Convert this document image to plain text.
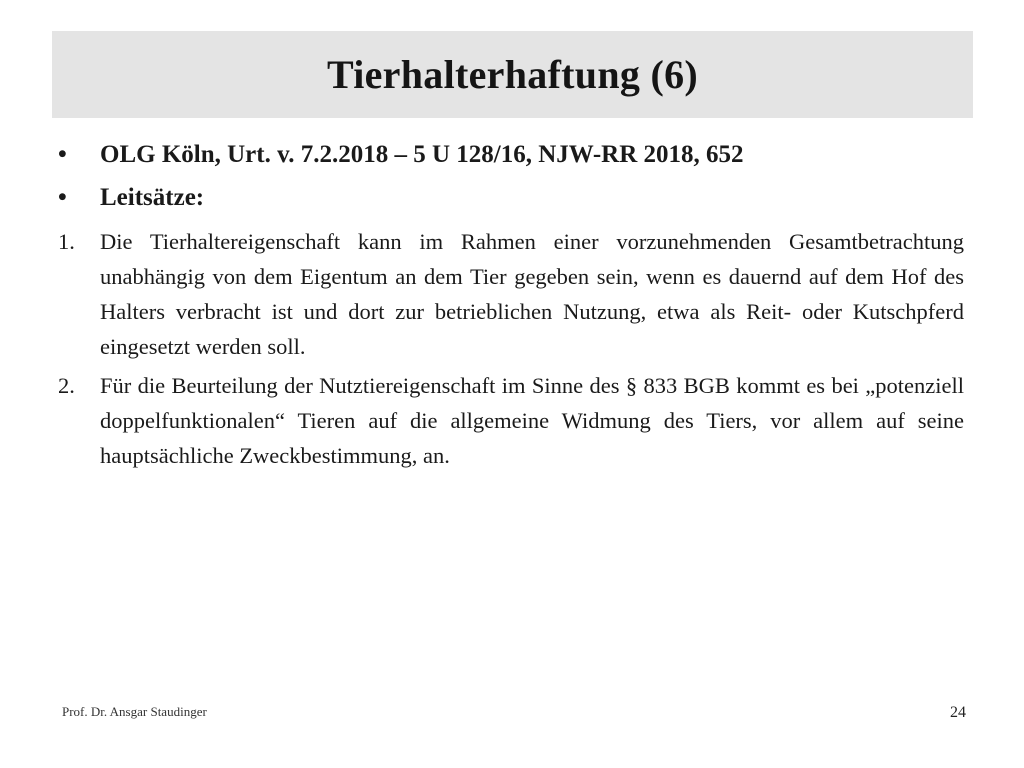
Tierhalterhaftung (6)
• OLG Köln, Urt. v. 7.2.2018 – 5 U 128/16, NJW-RR 2018, 652
• Leitsätze:
1. Die Tierhaltereigenschaft kann im Rahmen einer vorzunehmenden Gesamtbetrachtung unabhängig von dem Eigentum an dem Tier gegeben sein, wenn es dauernd auf dem Hof des Halters verbracht ist und dort zur betrieblichen Nutzung, etwa als Reit- oder Kutschpferd eingesetzt werden soll.
2. Für die Beurteilung der Nutztiereigenschaft im Sinne des § 833 BGB kommt es bei „potenziell doppelfunktionalen“ Tieren auf die allgemeine Widmung des Tiers, vor allem auf seine hauptsächliche Zweckbestimmung, an.
Prof. Dr. Ansgar Staudinger	24
